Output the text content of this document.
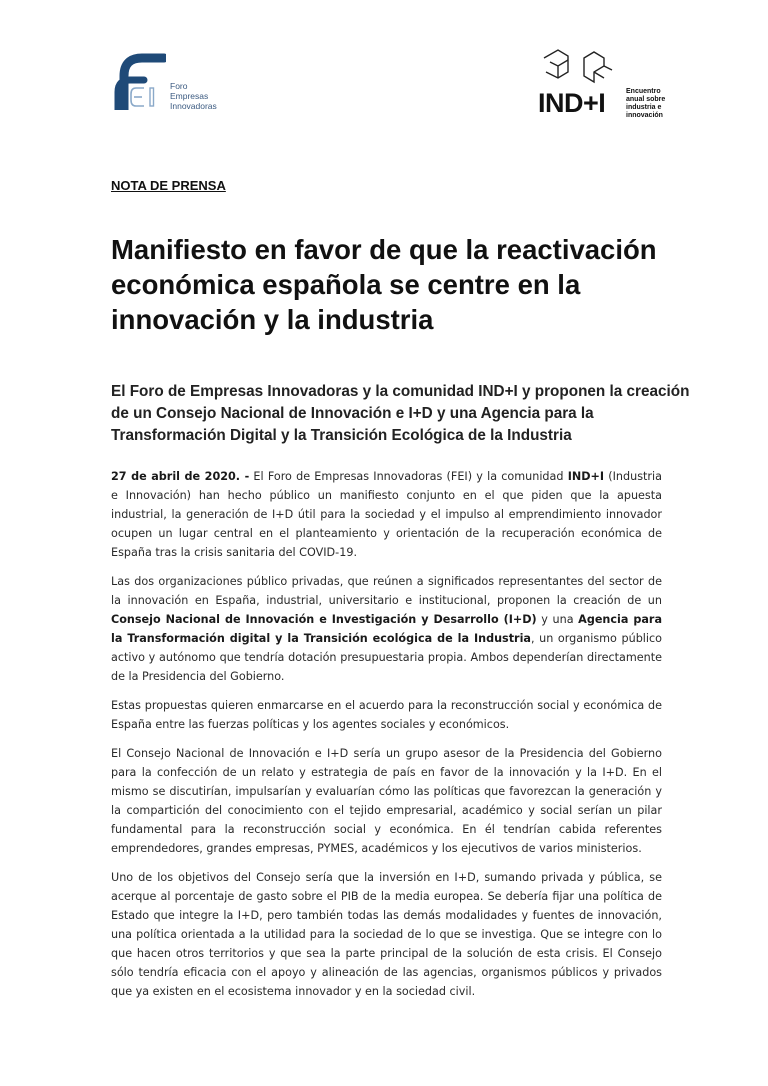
Foro
Empresas
Innovadoras	IND+I	Encuentro
anual sobre
industria e
innovación
NOTA DE PRENSA
Manifiesto en favor de que la reactivación económica española se centre en la innovación y la industria
El Foro de Empresas Innovadoras y la comunidad IND+I y proponen la creación de un Consejo Nacional de Innovación e I+D y una Agencia para la Transformación Digital y la Transición Ecológica de la Industria

27 de abril de 2020. - El Foro de Empresas Innovadoras (FEI) y la comunidad IND+I (Industria e Innovación) han hecho público un manifiesto conjunto en el que piden que la apuesta industrial, la generación de I+D útil para la sociedad y el impulso al emprendimiento innovador ocupen un lugar central en el planteamiento y orientación de la recuperación económica de España tras la crisis sanitaria del COVID-19.

Las dos organizaciones público privadas, que reúnen a significados representantes del sector de la innovación en España, industrial, universitario e institucional, proponen la creación de un Consejo Nacional de Innovación e Investigación y Desarrollo (I+D) y una Agencia para la Transformación digital y la Transición ecológica de la Industria, un organismo público activo y autónomo que tendría dotación presupuestaria propia. Ambos dependerían directamente de la Presidencia del Gobierno.

Estas propuestas quieren enmarcarse en el acuerdo para la reconstrucción social y económica de España entre las fuerzas políticas y los agentes sociales y económicos.

El Consejo Nacional de Innovación e I+D sería un grupo asesor de la Presidencia del Gobierno para la confección de un relato y estrategia de país en favor de la innovación y la I+D. En el mismo se discutirían, impulsarían y evaluarían cómo las políticas que favorezcan la generación y la compartición del conocimiento con el tejido empresarial, académico y social serían un pilar fundamental para la reconstrucción social y económica. En él tendrían cabida referentes emprendedores, grandes empresas, PYMES, académicos y los ejecutivos de varios ministerios.

Uno de los objetivos del Consejo sería que la inversión en I+D, sumando privada y pública, se acerque al porcentaje de gasto sobre el PIB de la media europea. Se debería fijar una política de Estado que integre la I+D, pero también todas las demás modalidades y fuentes de innovación, una política orientada a la utilidad para la sociedad de lo que se investiga. Que se integre con lo que hacen otros territorios y que sea la parte principal de la solución de esta crisis. El Consejo sólo tendría eficacia con el apoyo y alineación de las agencias, organismos públicos y privados que ya existen en el ecosistema innovador y en la sociedad civil.
